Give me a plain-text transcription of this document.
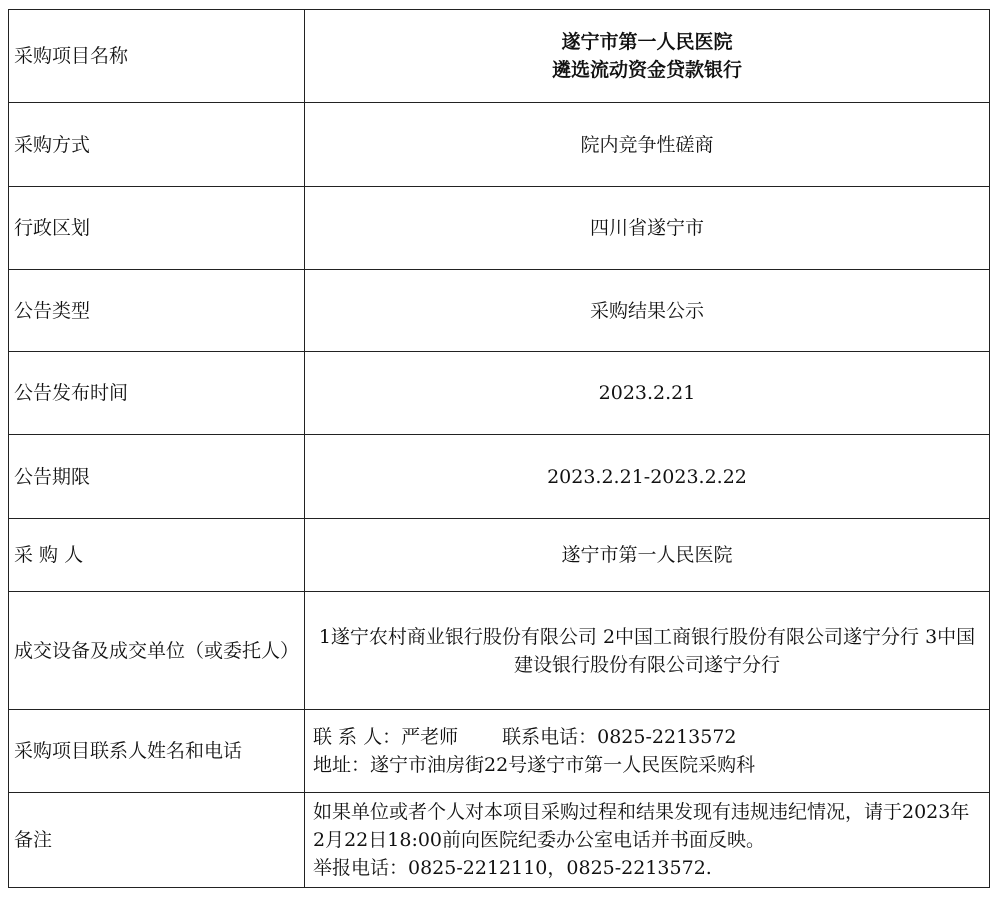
采购项目名称	遂宁市第一人民医院
遴选流动资金贷款银行

采购方式	院内竞争性磋商
行政区划	四川省遂宁市
公告类型	采购结果公示
公告发布时间	2023.2.21
公告期限	2023.2.21-2023.2.22
采 购 人	遂宁市第一人民医院
成交设备及成交单位（或委托人）	1遂宁农村商业银行股份有限公司 2中国工商银行股份有限公司遂宁分行 3中国建设银行股份有限公司遂宁分行
采购项目联系人姓名和电话	联 系 人：严老师　　 联系电话：0825-2213572
地址：遂宁市油房街22号遂宁市第一人民医院采购科

备注	如果单位或者个人对本项目采购过程和结果发现有违规违纪情况，请于2023年2月22日18:00前向医院纪委办公室电话并书面反映。
举报电话：0825-2212110，0825-2213572.
